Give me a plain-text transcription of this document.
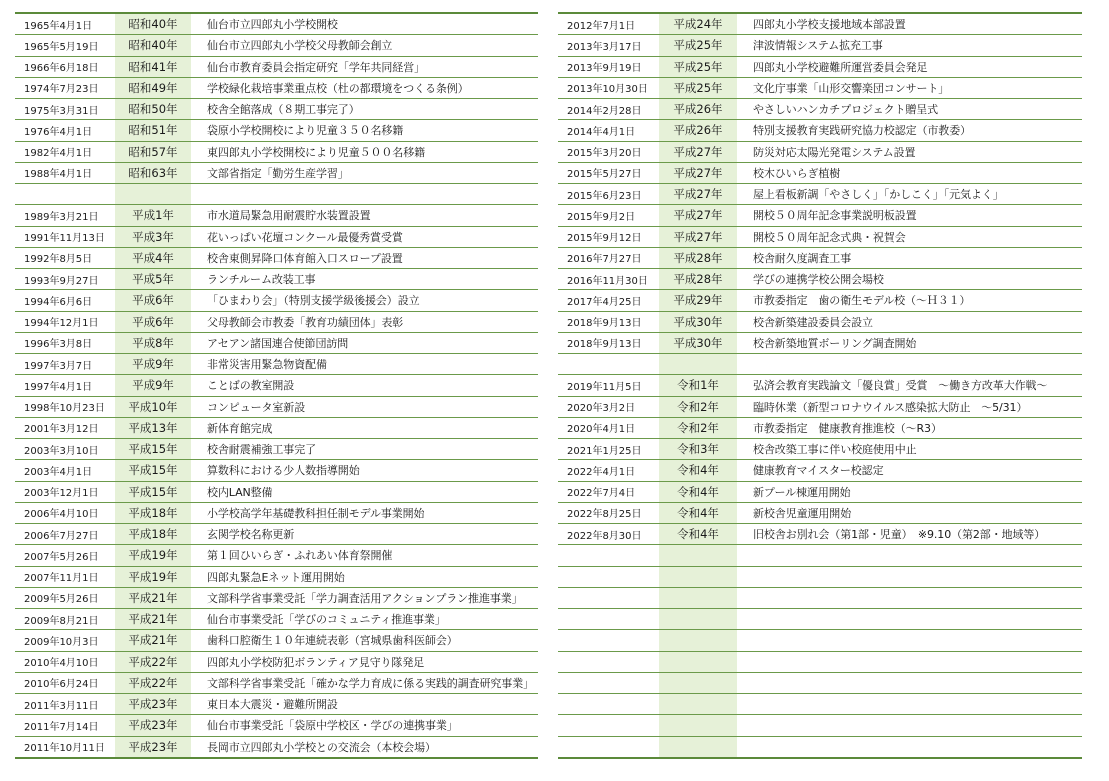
1965年4月1日	昭和40年	仙台市立四郎丸小学校開校
1965年5月19日	昭和40年	仙台市立四郎丸小学校父母教師会創立
1966年6月18日	昭和41年	仙台市教育委員会指定研究「学年共同経営」
1974年7月23日	昭和49年	学校緑化栽培事業重点校（杜の都環境をつくる条例）
1975年3月31日	昭和50年	校舎全館落成（８期工事完了）
1976年4月1日	昭和51年	袋原小学校開校により児童３５０名移籍
1982年4月1日	昭和57年	東四郎丸小学校開校により児童５００名移籍
1988年4月1日	昭和63年	文部省指定「勤労生産学習」

1989年3月21日	平成1年	市水道局緊急用耐震貯水装置設置
1991年11月13日	平成3年	花いっぱい花壇コンクール最優秀賞受賞
1992年8月5日	平成4年	校舎東側昇降口体育館入口スロープ設置
1993年9月27日	平成5年	ランチルーム改装工事
1994年6月6日	平成6年	「ひまわり会」（特別支援学級後援会）設立
1994年12月1日	平成6年	父母教師会市教委「教育功績団体」表彰
1996年3月8日	平成8年	アセアン諸国連合使節団訪問
1997年3月7日	平成9年	非常災害用緊急物資配備
1997年4月1日	平成9年	ことばの教室開設
1998年10月23日	平成10年	コンピュータ室新設
2001年3月12日	平成13年	新体育館完成
2003年3月10日	平成15年	校舎耐震補強工事完了
2003年4月1日	平成15年	算数科における少人数指導開始
2003年12月1日	平成15年	校内LAN整備
2006年4月10日	平成18年	小学校高学年基礎教科担任制モデル事業開始
2006年7月27日	平成18年	玄関学校名称更新
2007年5月26日	平成19年	第１回ひいらぎ・ふれあい体育祭開催
2007年11月1日	平成19年	四郎丸緊急Eネット運用開始
2009年5月26日	平成21年	文部科学省事業受託「学力調査活用アクションプラン推進事業」
2009年8月21日	平成21年	仙台市事業受託「学びのコミュニティ推進事業」
2009年10月3日	平成21年	歯科口腔衛生１０年連続表彰（宮城県歯科医師会）
2010年4月10日	平成22年	四郎丸小学校防犯ボランティア見守り隊発足
2010年6月24日	平成22年	文部科学省事業受託「確かな学力育成に係る実践的調査研究事業」
2011年3月11日	平成23年	東日本大震災・避難所開設
2011年7月14日	平成23年	仙台市事業受託「袋原中学校区・学びの連携事業」
2011年10月11日	平成23年	長岡市立四郎丸小学校との交流会（本校会場）
2012年7月1日	平成24年	四郎丸小学校支援地域本部設置
2013年3月17日	平成25年	津波情報システム拡充工事
2013年9月19日	平成25年	四郎丸小学校避難所運営委員会発足
2013年10月30日	平成25年	文化庁事業「山形交響楽団コンサート」
2014年2月28日	平成26年	やさしいハンカチプロジェクト贈呈式
2014年4月1日	平成26年	特別支援教育実践研究協力校認定（市教委）
2015年3月20日	平成27年	防災対応太陽光発電システム設置
2015年5月27日	平成27年	校木ひいらぎ植樹
2015年6月23日	平成27年	屋上看板新調「やさしく」「かしこく」「元気よく」
2015年9月2日	平成27年	開校５０周年記念事業説明板設置
2015年9月12日	平成27年	開校５０周年記念式典・祝賀会
2016年7月27日	平成28年	校舎耐久度調査工事
2016年11月30日	平成28年	学びの連携学校公開会場校
2017年4月25日	平成29年	市教委指定　歯の衛生モデル校（～Ｈ３１）
2018年9月13日	平成30年	校舎新築建設委員会設立
2018年9月13日	平成30年	校舎新築地質ボーリング調査開始

2019年11月5日	令和1年	弘済会教育実践論文「優良賞」受賞　～働き方改革大作戦～
2020年3月2日	令和2年	臨時休業（新型コロナウイルス感染拡大防止　～5/31）
2020年4月1日	令和2年	市教委指定　健康教育推進校（～R3）
2021年1月25日	令和3年	校舎改築工事に伴い校庭使用中止
2022年4月1日	令和4年	健康教育マイスター校認定
2022年7月4日	令和4年	新プール棟運用開始
2022年8月25日	令和4年	新校舎児童運用開始
2022年8月30日	令和4年	旧校舎お別れ会（第1部・児童）　※9.10（第2部・地域等）
